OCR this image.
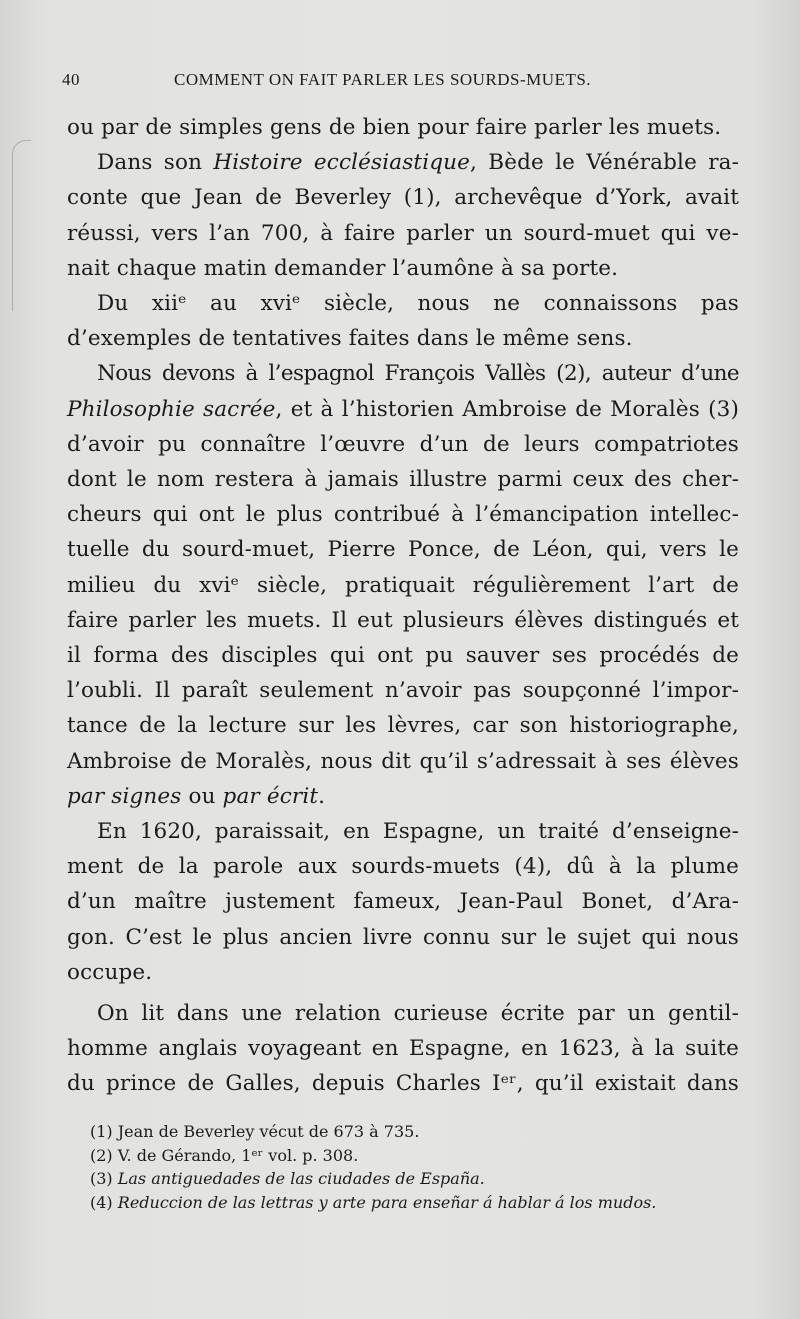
40	COMMENT ON FAIT PARLER LES SOURDS-MUETS.

ou par de simples gens de bien pour faire parler les muets.

Dans son Histoire ecclésiastique, Bède le Vénérable ra-
conte que Jean de Beverley (1), archevêque d’York, avait
réussi, vers l’an 700, à faire parler un sourd-muet qui ve-
nait chaque matin demander l’aumône à sa porte.

Du xiiᵉ au xviᵉ siècle, nous ne connaissons pas
d’exemples de tentatives faites dans le même sens.

Nous devons à l’espagnol François Vallès (2), auteur d’une
Philosophie sacrée, et à l’historien Ambroise de Moralès (3)
d’avoir pu connaître l’œuvre d’un de leurs compatriotes
dont le nom restera à jamais illustre parmi ceux des cher-
cheurs qui ont le plus contribué à l’émancipation intellec-
tuelle du sourd-muet, Pierre Ponce, de Léon, qui, vers le
milieu du xviᵉ siècle, pratiquait régulièrement l’art de
faire parler les muets. Il eut plusieurs élèves distingués et
il forma des disciples qui ont pu sauver ses procédés de
l’oubli. Il paraît seulement n’avoir pas soupçonné l’impor-
tance de la lecture sur les lèvres, car son historiographe,
Ambroise de Moralès, nous dit qu’il s’adressait à ses élèves
par signes ou par écrit.

En 1620, paraissait, en Espagne, un traité d’enseigne-
ment de la parole aux sourds-muets (4), dû à la plume
d’un maître justement fameux, Jean-Paul Bonet, d’Ara-
gon. C’est le plus ancien livre connu sur le sujet qui nous
occupe.

On lit dans une relation curieuse écrite par un gentil-
homme anglais voyageant en Espagne, en 1623, à la suite
du prince de Galles, depuis Charles Iᵉʳ, qu’il existait dans

(1) Jean de Beverley vécut de 673 à 735.
(2) V. de Gérando, 1ᵉʳ vol. p. 308.
(3) Las antiguedades de las ciudades de España.
(4) Reduccion de las lettras y arte para enseñar á hablar á los mudos.
